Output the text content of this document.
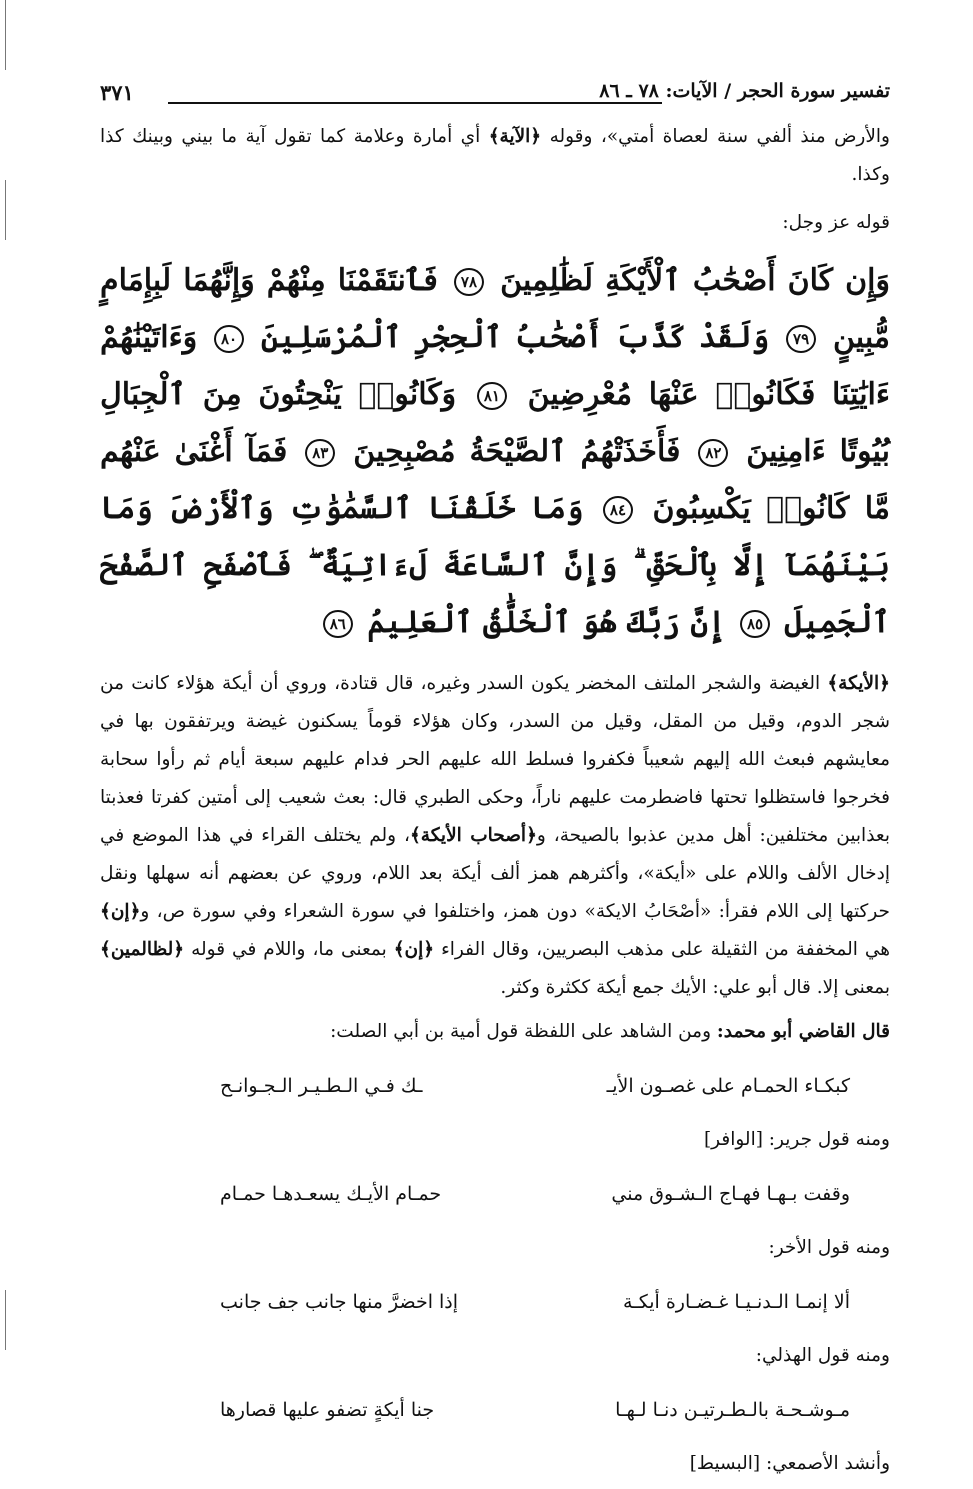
تفسير سورة الحجر / الآيات: ٧٨ ـ ٨٦
٣٧١

والأرض منذ ألفي سنة لعصاة أمتي»، وقوله ﴿الآية﴾ أي أمارة وعلامة كما تقول آية ما بيني وبينك كذا وكذا.

قوله عز وجل:

وَإِن كَانَ أَصْحَٰبُ ٱلْأَيْكَةِ لَظَٰلِمِينَ ٧٨ فَٱنتَقَمْنَا مِنْهُمْ وَإِنَّهُمَا لَبِإِمَامٍ مُّبِينٍ ٧٩ وَلَقَدْ كَذَّبَ أَصْحَٰبُ ٱلْحِجْرِ ٱلْمُرْسَلِينَ ٨٠ وَءَاتَيْنَٰهُمْ ءَايَٰتِنَا فَكَانُوا۟ عَنْهَا مُعْرِضِينَ ٨١ وَكَانُوا۟ يَنْحِتُونَ مِنَ ٱلْجِبَالِ بُيُوتًا ءَامِنِينَ ٨٢ فَأَخَذَتْهُمُ ٱلصَّيْحَةُ مُصْبِحِينَ ٨٣ فَمَآ أَغْنَىٰ عَنْهُم مَّا كَانُوا۟ يَكْسِبُونَ ٨٤ وَمَا خَلَقْنَا ٱلسَّمَٰوَٰتِ وَٱلْأَرْضَ وَمَا بَيْنَهُمَآ إِلَّا بِٱلْحَقِّ ۗ وَإِنَّ ٱلسَّاعَةَ لَءَاتِيَةٌ ۖ فَٱصْفَحِ ٱلصَّفْحَ ٱلْجَمِيلَ ٨٥ إِنَّ رَبَّكَ هُوَ ٱلْخَلَّٰقُ ٱلْعَلِيمُ ٨٦

﴿الأيكة﴾ الغيضة والشجر الملتف المخضر يكون السدر وغيره، قال قتادة، وروي أن أيكة هؤلاء كانت من شجر الدوم، وقيل من المقل، وقيل من السدر، وكان هؤلاء قوماً يسكنون غيضة ويرتفقون بها في معايشهم فبعث الله إليهم شعيباً فكفروا فسلط الله عليهم الحر فدام عليهم سبعة أيام ثم رأوا سحابة فخرجوا فاستظلوا تحتها فاضطرمت عليهم ناراً، وحكى الطبري قال: بعث شعيب إلى أمتين كفرتا فعذبتا بعذابين مختلفين: أهل مدين عذبوا بالصيحة، و﴿أصحاب الأيكة﴾، ولم يختلف القراء في هذا الموضع في إدخال الألف واللام على «أيكة»، وأكثرهم همز ألف أيكة بعد اللام، وروي عن بعضهم أنه سهلها ونقل حركتها إلى اللام فقرأ: «أصْحَابُ الايكة» دون همز، واختلفوا في سورة الشعراء وفي سورة ص، و﴿إن﴾ هي المخففة من الثقيلة على مذهب البصريين، وقال الفراء ﴿إن﴾ بمعنى ما، واللام في قوله ﴿لظالمين﴾ بمعنى إلا. قال أبو علي: الأيك جمع أيكة ككثرة وكثر.

قال القاضي أبو محمد: ومن الشاهد على اللفظة قول أمية بن أبي الصلت:

كبكـاء الحمـام على غصـون الأيـ
ـك فـي الـطـيـر الـجـوانـح

ومنه قول جرير: [الوافر]

وقفت بـهـا فهـاج الـشـوق مني
حمـام الأيـك يسعـدهـا حمـام

ومنه قول الأخر:

ألا إنمـا الـدنـيـا غـضـارة أيكـة
إذا اخضرَّ منها جانب جف جانب

ومنه قول الهذلي:

مـوشـحـة بالـطـرتيـن دنـا لـهـا
جنا أيكةٍ تضفو عليها قصارها

وأنشد الأصمعي: [البسيط]
